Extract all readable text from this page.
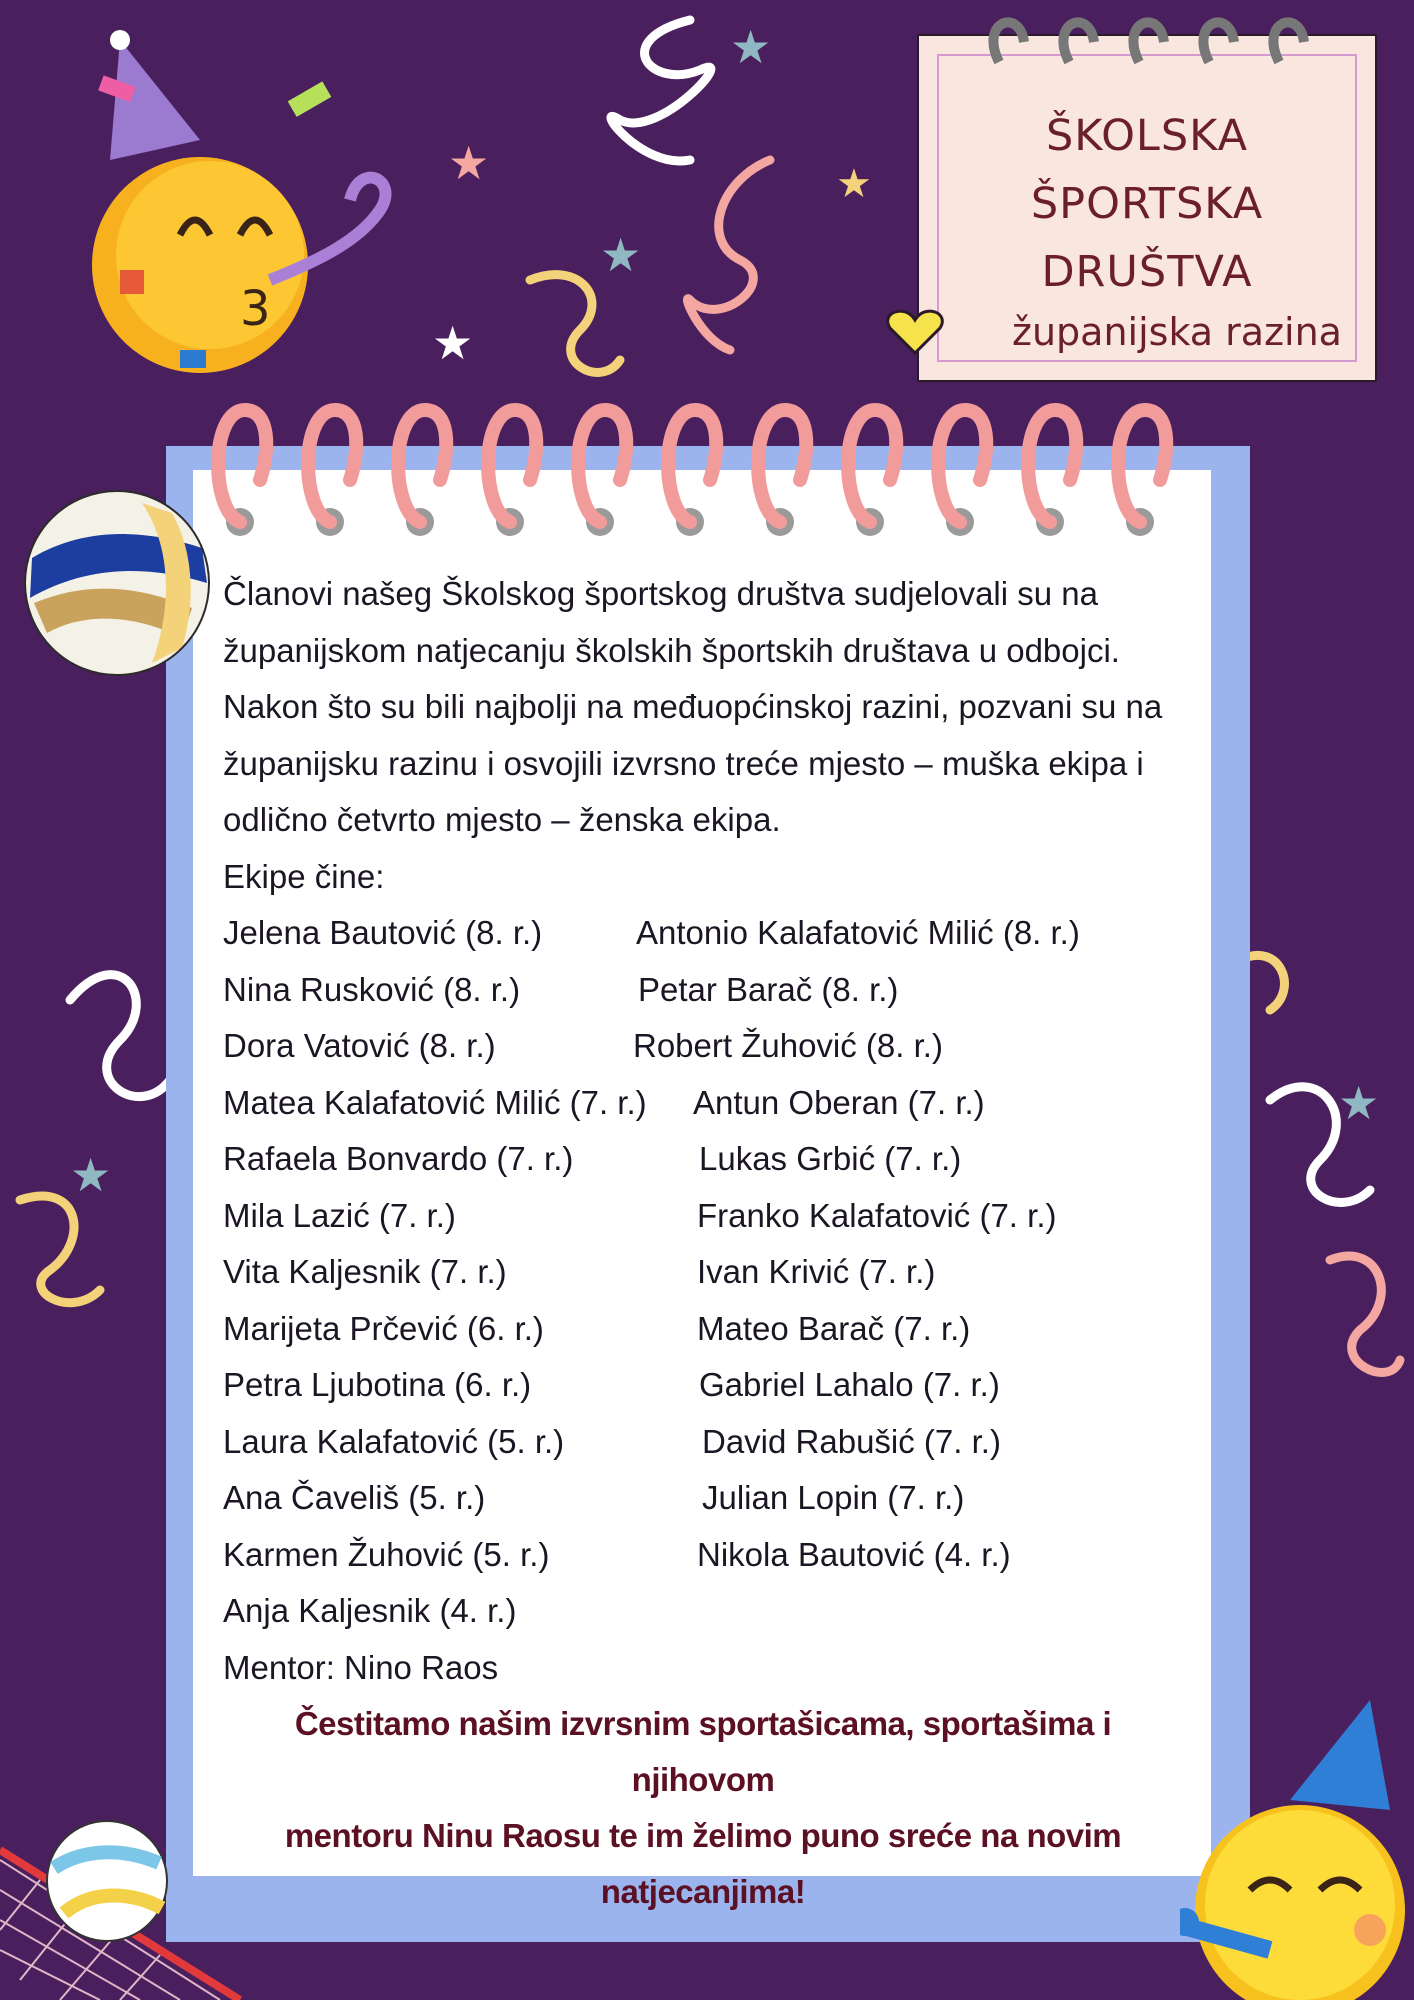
★
★	★
★
★
★
★
3
ŠKOLSKA
ŠPORTSKA
DRUŠTVA
županijska razina

Članovi našeg Školskog športskog društva sudjelovali su na
županijskom natjecanju školskih športskih društava u odbojci.
Nakon što su bili najbolji na međuopćinskoj razini, pozvani su na
županijsku razinu i osvojili izvrsno treće mjesto – muška ekipa i
odlično četvrto mjesto – ženska ekipa.
Ekipe čine:

Jelena Bautović (8. r.)	Antonio Kalafatović Milić (8. r.)
Nina Rusković (8. r.)	Petar Barač (8. r.)
Dora Vatović (8. r.)	Robert Žuhović (8. r.)
Matea Kalafatović Milić (7. r.) Antun Oberan (7. r.)
Rafaela Bonvardo (7. r.)	Lukas Grbić (7. r.)
Mila Lazić (7. r.)	Franko Kalafatović (7. r.)
Vita Kaljesnik (7. r.)	Ivan Krivić (7. r.)
Marijeta Prčević (6. r.)	Mateo Barač (7. r.)
Petra Ljubotina (6. r.)	Gabriel Lahalo (7. r.)
Laura Kalafatović (5. r.)	David Rabušić (7. r.)
Ana Čaveliš (5. r.)	Julian Lopin (7. r.)
Karmen Žuhović (5. r.)	Nikola Bautović (4. r.)
Anja Kaljesnik (4. r.)
Mentor: Nino Raos
Čestitamo našim izvrsnim sportašicama, sportašima i njihovom
mentoru Ninu Raosu te im želimo puno sreće na novim
natjecanjima!
